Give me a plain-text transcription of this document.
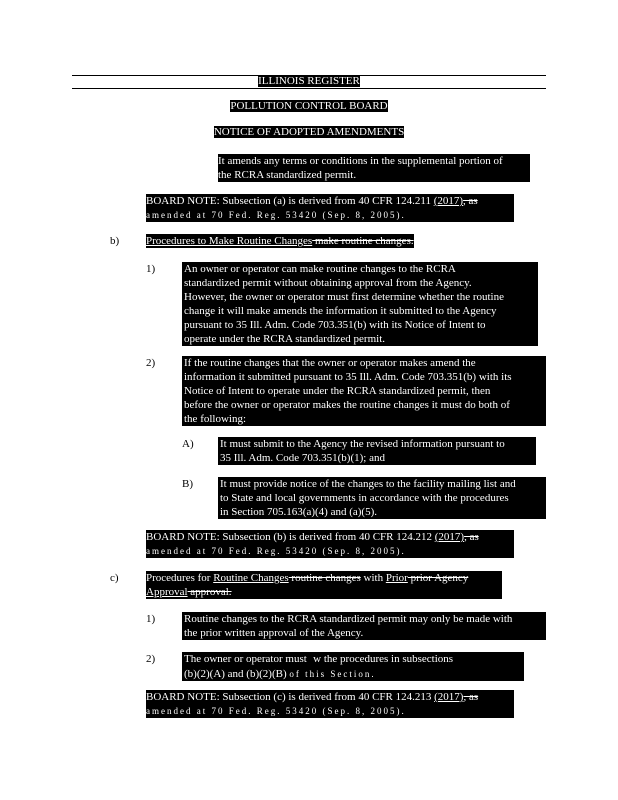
ILLINOIS REGISTER
POLLUTION CONTROL BOARD
NOTICE OF ADOPTED AMENDMENTS
It amends any terms or conditions in the supplemental portion of
the RCRA standardized permit.
BOARD NOTE: Subsection (a) is derived from 40 CFR 124.211 (2017), as
amended at 70 Fed. Reg. 53420 (Sep. 8, 2005).
b) Procedures to Make Routine Changes make routine changes.
1)	An owner or operator can make routine changes to the RCRA
standardized permit without obtaining approval from the Agency.
However, the owner or operator must first determine whether the routine
change it will make amends the information it submitted to the Agency
pursuant to 35 Ill. Adm. Code 703.351(b) with its Notice of Intent to
operate under the RCRA standardized permit.
2)	If the routine changes that the owner or operator makes amend the
information it submitted pursuant to 35 Ill. Adm. Code 703.351(b) with its
Notice of Intent to operate under the RCRA standardized permit, then
before the owner or operator makes the routine changes it must do both of
the following:
A) It must submit to the Agency the revised information pursuant to
35 Ill. Adm. Code 703.351(b)(1); and
B) It must provide notice of the changes to the facility mailing list and
to State and local governments in accordance with the procedures
in Section 705.163(a)(4) and (a)(5).
BOARD NOTE: Subsection (b) is derived from 40 CFR 124.212 (2017), as
amended at 70 Fed. Reg. 53420 (Sep. 8, 2005).
c) Procedures for Routine Changes routine changes with Prior prior Agency
Approval approval.
1)	Routine changes to the RCRA standardized permit may only be made with
the prior written approval of the Agency.
2)	The owner or operator must   w the procedures in subsections
(b)(2)(A) and (b)(2)(B) of this Section.
BOARD NOTE: Subsection (c) is derived from 40 CFR 124.213 (2017), as
amended at 70 Fed. Reg. 53420 (Sep. 8, 2005).
